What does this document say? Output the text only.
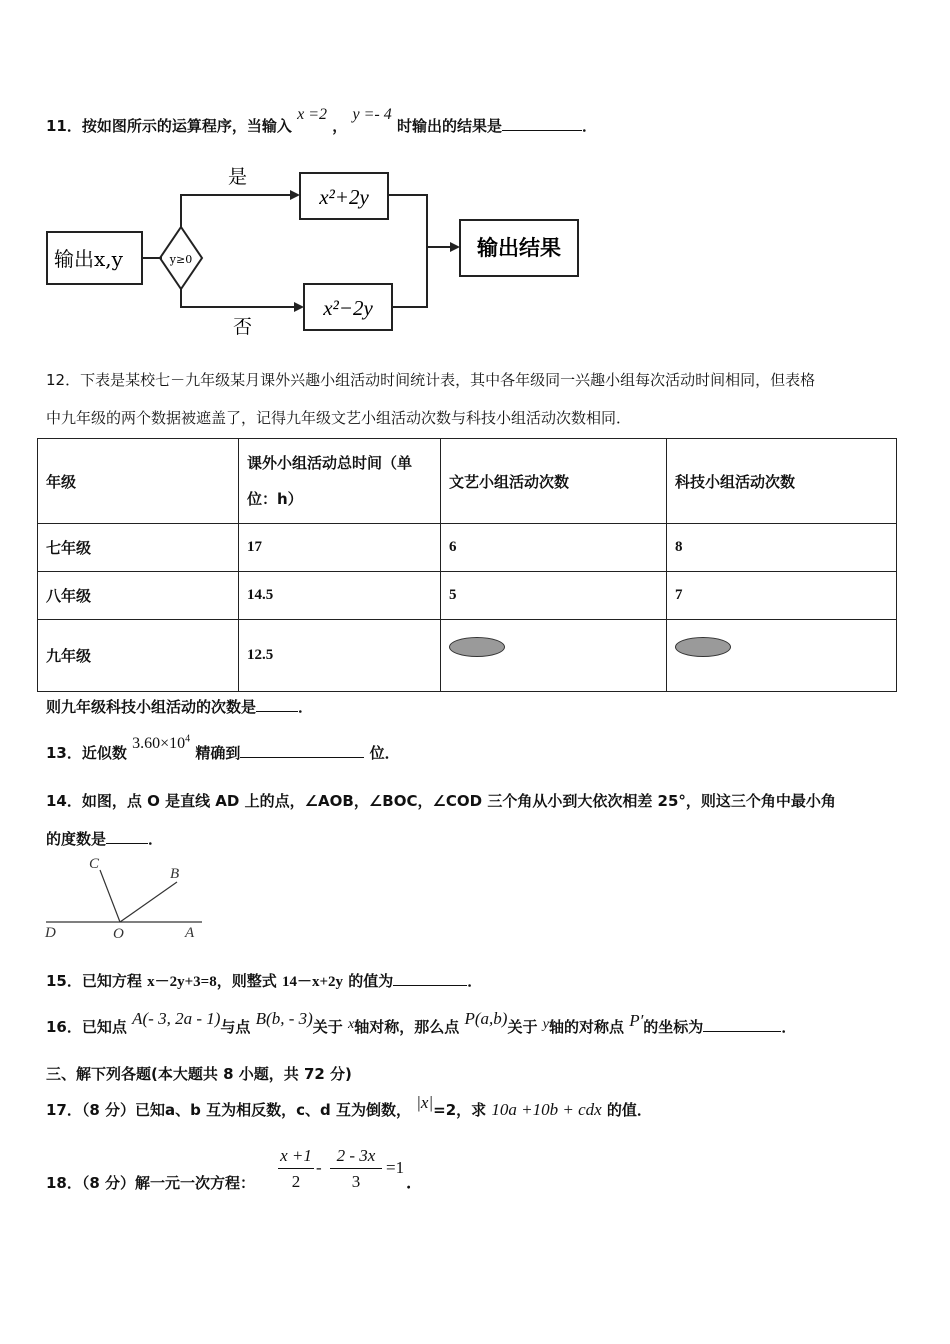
11．按如图所示的运算程序，当输入 x =2 ， y =- 4 时输出的结果是	．
输出x,y	y≥0
是
否
x²+2y
x²−2y
输出结果
12．下表是某校七－九年级某月课外兴趣小组活动时间统计表，其中各年级同一兴趣小组每次活动时间相同，但表格
中九年级的两个数据被遮盖了，记得九年级文艺小组活动次数与科技小组活动次数相同．
年级	课外小组活动总时间（单
位：h）	文艺小组活动次数	科技小组活动次数
七年级	17	6	8
八年级	14.5	5	7
九年级	12.5	

则九年级科技小组活动的次数是	．
13．近似数 $3.60\times 10^4$ 精确到	位．
14．如图，点 O 是直线 AD 上的点，∠AOB，∠BOC，∠COD 三个角从小到大依次相差 25°，则这三个角中最小角
的度数是	．
C
B
D	O	A
15．已知方程 x－2y+3=8，则整式 14－x+2y 的值为	．
16．已知点 A(- 3, 2a - 1)与点 B(b, - 3)关于 x轴对称，那么点 P(a,b)关于 y轴的对称点 P′的坐标为	．
三、解下列各题(本大题共 8 小题，共 72 分)
17．（8 分）已知a、b 互为相反数，c、d 互为倒数， |x|=2，求 10a +10b + cdx 的值．
18．（8 分）解一元一次方程：
x +1
2
-
2 - 3x
3
=1
．
